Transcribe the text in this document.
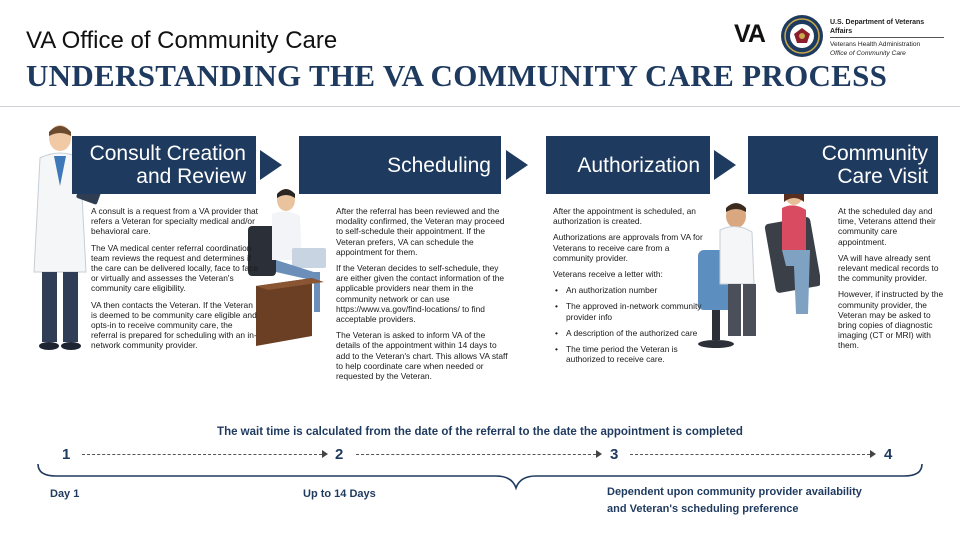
VA Office of Community Care
UNDERSTANDING THE VA COMMUNITY CARE PROCESS
VA	U.S. Department of Veterans Affairs
Veterans Health Administration
Office of Community Care
Consult Creation
and Review	Scheduling	Authorization	Community
Care Visit

A consult is a request from a VA provider that refers a Veteran for specialty medical and/or behavioral care.

The VA medical center referral coordination team reviews the request and determines if the care can be delivered locally, face to face or virtually and assesses the Veteran's community care eligibility.

VA then contacts the Veteran. If the Veteran is deemed to be community care eligible and opts-in to receive community care, the referral is prepared for scheduling with an in-network community provider.

After the referral has been reviewed and the modality confirmed, the Veteran may proceed to self-schedule their appointment. If the Veteran prefers, VA can schedule the appointment for them.

If the Veteran decides to self-schedule, they are either given the contact information of the applicable providers near them in the community network or can use https://www.va.gov/find-locations/ to find acceptable providers.

The Veteran is asked to inform VA of the details of the appointment within 14 days to add to the Veteran's chart. This allows VA staff to help coordinate care when needed or requested by the Veteran.

After the appointment is scheduled, an authorization is created.

Authorizations are approvals from VA for Veterans to receive care from a community provider.

Veterans receive a letter with:

• An authorization number
• The approved in-network community provider info
• A description of the authorized care
• The time period the Veteran is authorized to receive care.

At the scheduled day and time, Veterans attend their community care appointment.

VA will have already sent relevant medical records to the community provider.

However, if instructed by the community provider, the Veteran may be asked to bring copies of diagnostic imaging (CT or MRI) with them.

The wait time is calculated from the date of the referral to the date the appointment is completed
1	2	3	4
Day 1	Up to 14 Days	Dependent upon community provider availability
and Veteran's scheduling preference
